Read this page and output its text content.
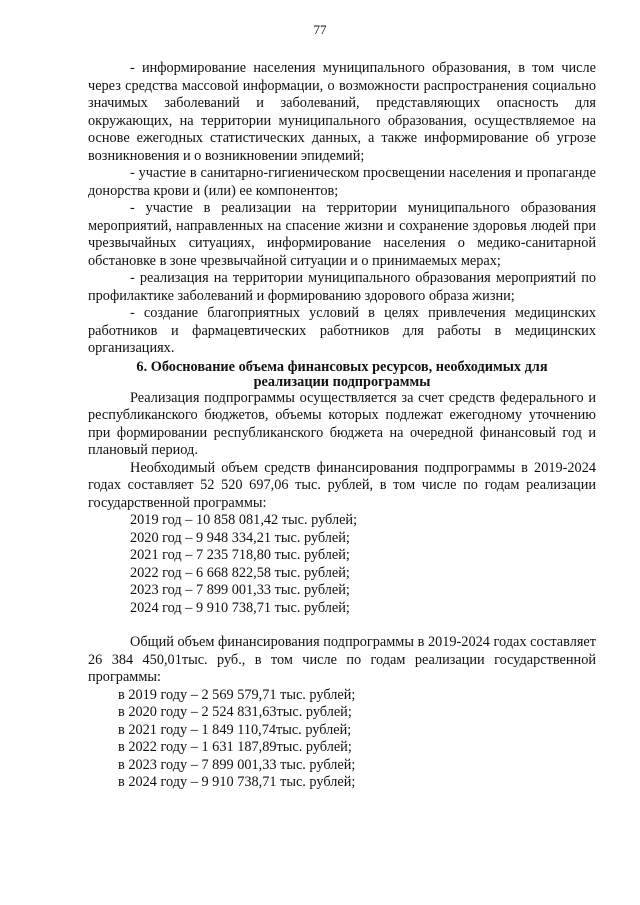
77

- информирование населения муниципального образования, в том числе через средства массовой информации, о возможности распространения социально значимых заболеваний и заболеваний, представляющих опасность для окружающих, на территории муниципального образования, осуществляемое на основе ежегодных статистических данных, а также информирование об угрозе возникновения и о возникновении эпидемий;

- участие в санитарно-гигиеническом просвещении населения и пропаганде донорства крови и (или) ее компонентов;

- участие в реализации на территории муниципального образования мероприятий, направленных на спасение жизни и сохранение здоровья людей при чрезвычайных ситуациях, информирование населения о медико-санитарной обстановке в зоне чрезвычайной ситуации и о принимаемых мерах;

- реализация на территории муниципального образования мероприятий по профилактике заболеваний и формированию здорового образа жизни;

- создание благоприятных условий в целях привлечения медицинских работников и фармацевтических работников для работы в медицинских организациях.

6. Обоснование объема финансовых ресурсов, необходимых для
реализации подпрограммы

Реализация подпрограммы осуществляется за счет средств федерального и республиканского бюджетов, объемы которых подлежат ежегодному уточнению при формировании республиканского бюджета на очередной финансовый год и плановый период.

Необходимый объем средств финансирования подпрограммы в 2019-2024 годах составляет 52 520 697,06 тыс. рублей, в том числе по годам реализации государственной программы:

2019 год – 10 858 081,42 тыс. рублей;
2020 год – 9 948 334,21 тыс. рублей;
2021 год – 7 235 718,80 тыс. рублей;
2022 год – 6 668 822,58 тыс. рублей;
2023 год – 7 899 001,33 тыс. рублей;
2024 год – 9 910 738,71 тыс. рублей;

Общий объем финансирования подпрограммы в 2019-2024 годах составляет 26 384 450,01тыс. руб., в том числе по годам реализации государственной программы:

в 2019 году – 2 569 579,71 тыс. рублей;
в 2020 году – 2 524 831,63тыс. рублей;
в 2021 году – 1 849 110,74тыс. рублей;
в 2022 году – 1 631 187,89тыс. рублей;
в 2023 году – 7 899 001,33 тыс. рублей;
в 2024 году – 9 910 738,71 тыс. рублей;
